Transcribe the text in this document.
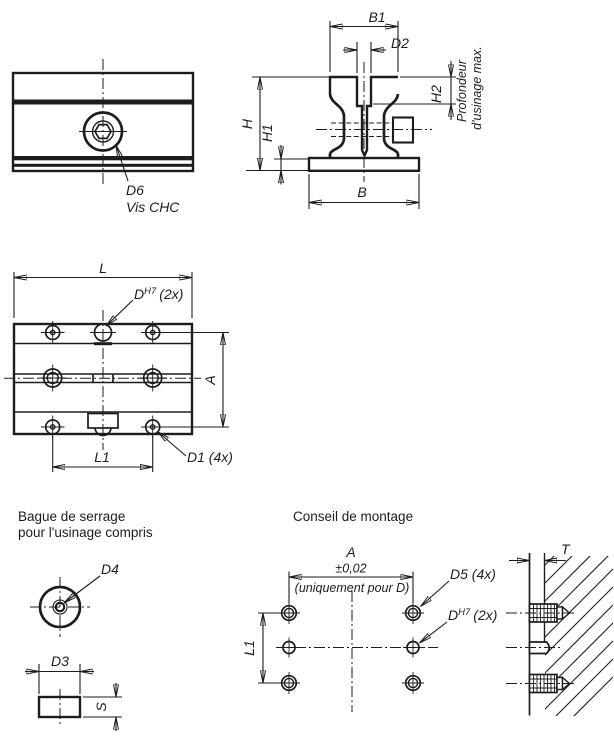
D6
Vis CHC
B1
D2
H2 Profondeur d'usinage max.
H
H1
B
L
A
L1
$D^{H7}$ (2x)
D1 (4x)
Bague de serrage
pour l'usinage compris
D4
D3
S
Conseil de montage
A
±0,02
(uniquement pour D)
L1
D5 (4x)
$D^{H7}$ (2x)
T
